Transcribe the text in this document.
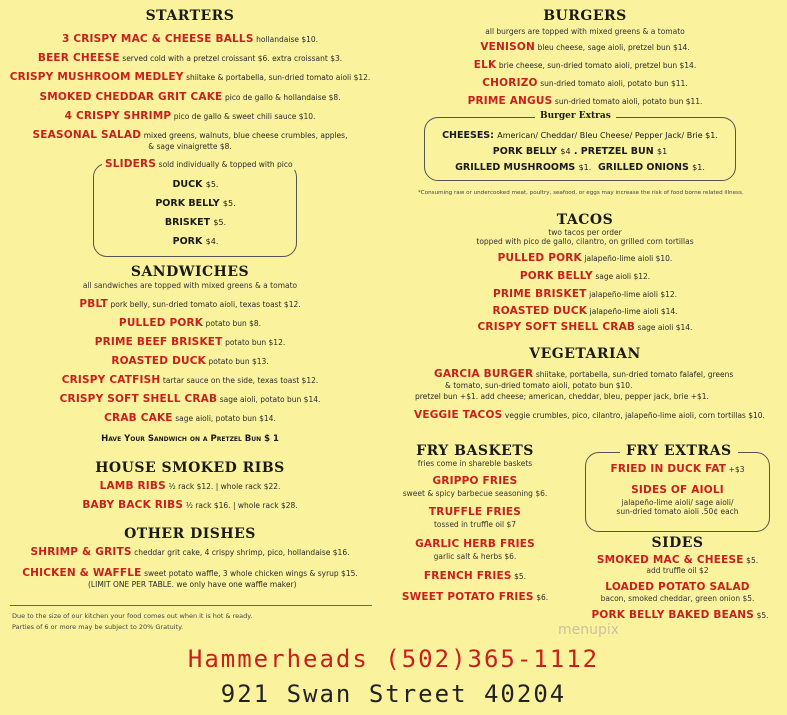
STARTERS
3 CRISPY MAC & CHEESE BALLS hollandaise $10.
BEER CHEESE served cold with a pretzel croissant $6. extra croissant $3.
CRISPY MUSHROOM MEDLEY shiitake & portabella, sun-dried tomato aioli $12.
SMOKED CHEDDAR GRIT CAKE pico de gallo & hollandaise $8.
4 CRISPY SHRIMP pico de gallo & sweet chili sauce $10.
SEASONAL SALAD mixed greens, walnuts, blue cheese crumbles, apples,
& sage vinaigrette $8.
SLIDERS sold individually & topped with pico
DUCK $5.
PORK BELLY $5.
BRISKET $5.
PORK $4.
SANDWICHES
all sandwiches are topped with mixed greens & a tomato
PBLT pork belly, sun-dried tomato aioli, texas toast $12.
PULLED PORK potato bun $8.
PRIME BEEF BRISKET potato bun $12.
ROASTED DUCK potato bun $13.
CRISPY CATFISH tartar sauce on the side, texas toast $12.
CRISPY SOFT SHELL CRAB sage aioli, potato bun $14.
CRAB CAKE sage aioli, potato bun $14.
Have Your Sandwich on a Pretzel Bun $ 1
HOUSE SMOKED RIBS
LAMB RIBS ½ rack $12. | whole rack $22.
BABY BACK RIBS ½ rack $16. | whole rack $28.
OTHER DISHES
SHRIMP & GRITS cheddar grit cake, 4 crispy shrimp, pico, hollandaise $16.
CHICKEN & WAFFLE sweet potato waffle, 3 whole chicken wings & syrup $15.
(LIMIT ONE PER TABLE. we only have one waffle maker)
Due to the size of our kitchen your food comes out when it is hot & ready.
Parties of 6 or more may be subject to 20% Gratuity.
BURGERS
all burgers are topped with mixed greens & a tomato
VENISON bleu cheese, sage aioli, pretzel bun $14.
ELK brie cheese, sun-dried tomato aioli, pretzel bun $14.
CHORIZO sun-dried tomato aioli, potato bun $11.
PRIME ANGUS sun-dried tomato aioli, potato bun $11.
Burger Extras
CHEESES: American/ Cheddar/ Bleu Cheese/ Pepper Jack/ Brie $1.
PORK BELLY $4 . PRETZEL BUN $1
GRILLED MUSHROOMS $1. GRILLED ONIONS $1.
*Consuming raw or undercooked meat, poultry, seafood, or eggs may increase the risk of food borne related illness.
TACOS
two tacos per order
topped with pico de gallo, cilantro, on grilled corn tortillas
PULLED PORK jalapeño-lime aioli $10.
PORK BELLY sage aioli $12.
PRIME BRISKET jalapeño-lime aioli $12.
ROASTED DUCK jalapeño-lime aioli $14.
CRISPY SOFT SHELL CRAB sage aioli $14.
VEGETARIAN
GARCIA BURGER shiitake, portabella, sun-dried tomato falafel, greens
& tomato, sun-dried tomato aioli, potato bun $10.
pretzel bun +$1. add cheese; american, cheddar, bleu, pepper jack, brie +$1.
VEGGIE TACOS veggie crumbles, pico, cilantro, jalapeño-lime aioli, corn tortillas $10.
FRY BASKETS
fries come in shareble baskets
GRIPPO FRIES
sweet & spicy barbecue seasoning $6.
TRUFFLE FRIES
tossed in truffle oil $7
GARLIC HERB FRIES
garlic salt & herbs $6.
FRENCH FRIES $5.
SWEET POTATO FRIES $6.
FRY EXTRAS
FRIED IN DUCK FAT +$3
SIDES OF AIOLI
jalapeño-lime aioli/ sage aioli/
sun-dried tomato aioli .50¢ each
SIDES
SMOKED MAC & CHEESE $5.
add truffle oil $2
LOADED POTATO SALAD
bacon, smoked cheddar, green onion $5.
PORK BELLY BAKED BEANS $5.
menupix
Hammerheads (502)365-1112
921 Swan Street 40204
